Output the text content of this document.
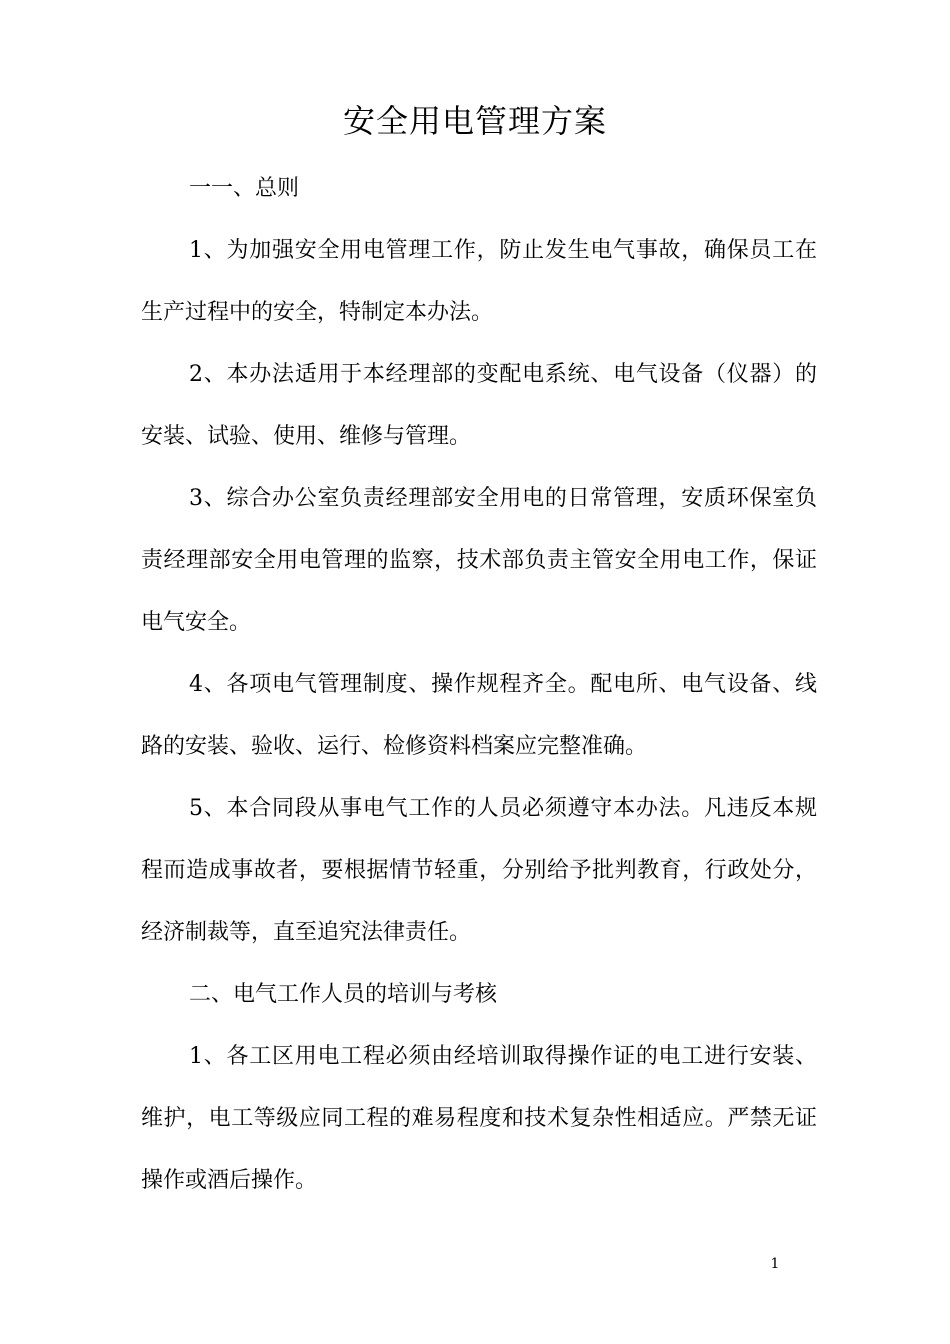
安全用电管理方案

一一、总则

1、为加强安全用电管理工作，防止发生电气事故，确保员工在生产过程中的安全，特制定本办法。

2、本办法适用于本经理部的变配电系统、电气设备（仪器）的安装、试验、使用、维修与管理。

3、综合办公室负责经理部安全用电的日常管理，安质环保室负责经理部安全用电管理的监察，技术部负责主管安全用电工作，保证电气安全。

4、各项电气管理制度、操作规程齐全。配电所、电气设备、线路的安装、验收、运行、检修资料档案应完整准确。

5、本合同段从事电气工作的人员必须遵守本办法。凡违反本规程而造成事故者，要根据情节轻重，分别给予批判教育，行政处分，经济制裁等，直至追究法律责任。

二、电气工作人员的培训与考核

1、各工区用电工程必须由经培训取得操作证的电工进行安装、维护，电工等级应同工程的难易程度和技术复杂性相适应。严禁无证操作或酒后操作。

1
